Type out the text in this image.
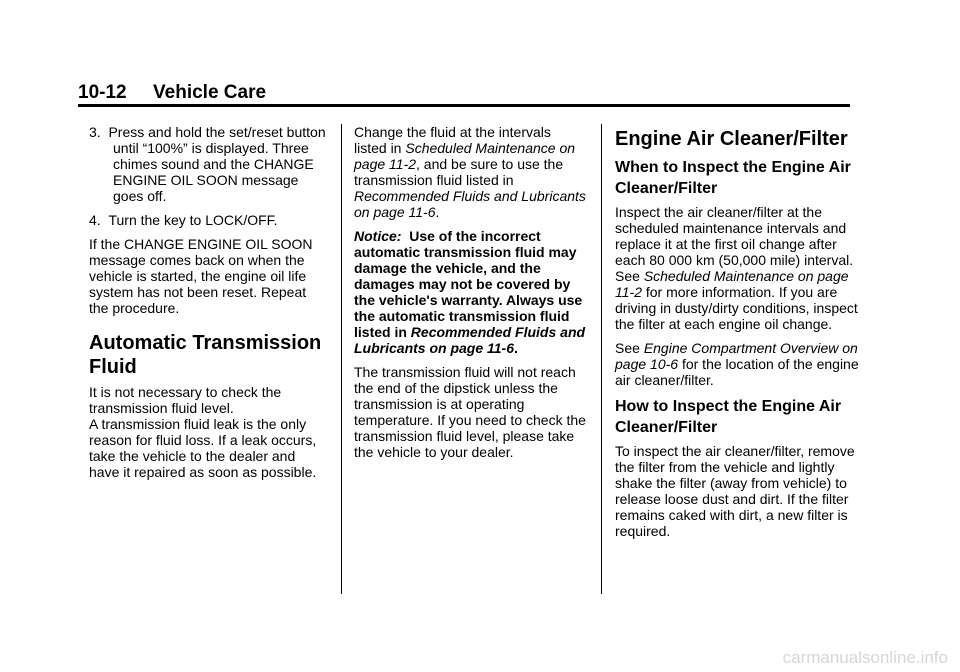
10-12 Vehicle Care

3. Press and hold the set/reset button until “100%” is displayed. Three chimes sound and the CHANGE ENGINE OIL SOON message goes off.

4. Turn the key to LOCK/OFF.

If the CHANGE ENGINE OIL SOON message comes back on when the vehicle is started, the engine oil life system has not been reset. Repeat the procedure.

Automatic Transmission Fluid

It is not necessary to check the transmission fluid level.

A transmission fluid leak is the only reason for fluid loss. If a leak occurs, take the vehicle to the dealer and have it repaired as soon as possible.

Change the fluid at the intervals listed in Scheduled Maintenance on page 11-2, and be sure to use the transmission fluid listed in Recommended Fluids and Lubricants on page 11-6.

Notice: Use of the incorrect automatic transmission fluid may damage the vehicle, and the damages may not be covered by the vehicle's warranty. Always use the automatic transmission fluid listed in Recommended Fluids and Lubricants on page 11-6.

The transmission fluid will not reach the end of the dipstick unless the transmission is at operating temperature. If you need to check the transmission fluid level, please take the vehicle to your dealer.

Engine Air Cleaner/Filter
When to Inspect the Engine Air Cleaner/Filter

Inspect the air cleaner/filter at the scheduled maintenance intervals and replace it at the first oil change after each 80 000 km (50,000 mile) interval. See Scheduled Maintenance on page 11-2 for more information. If you are driving in dusty/dirty conditions, inspect the filter at each engine oil change.

See Engine Compartment Overview on page 10-6 for the location of the engine air cleaner/filter.

How to Inspect the Engine Air Cleaner/Filter

To inspect the air cleaner/filter, remove the filter from the vehicle and lightly shake the filter (away from vehicle) to release loose dust and dirt. If the filter remains caked with dirt, a new filter is required.

carmanualsonline.info
